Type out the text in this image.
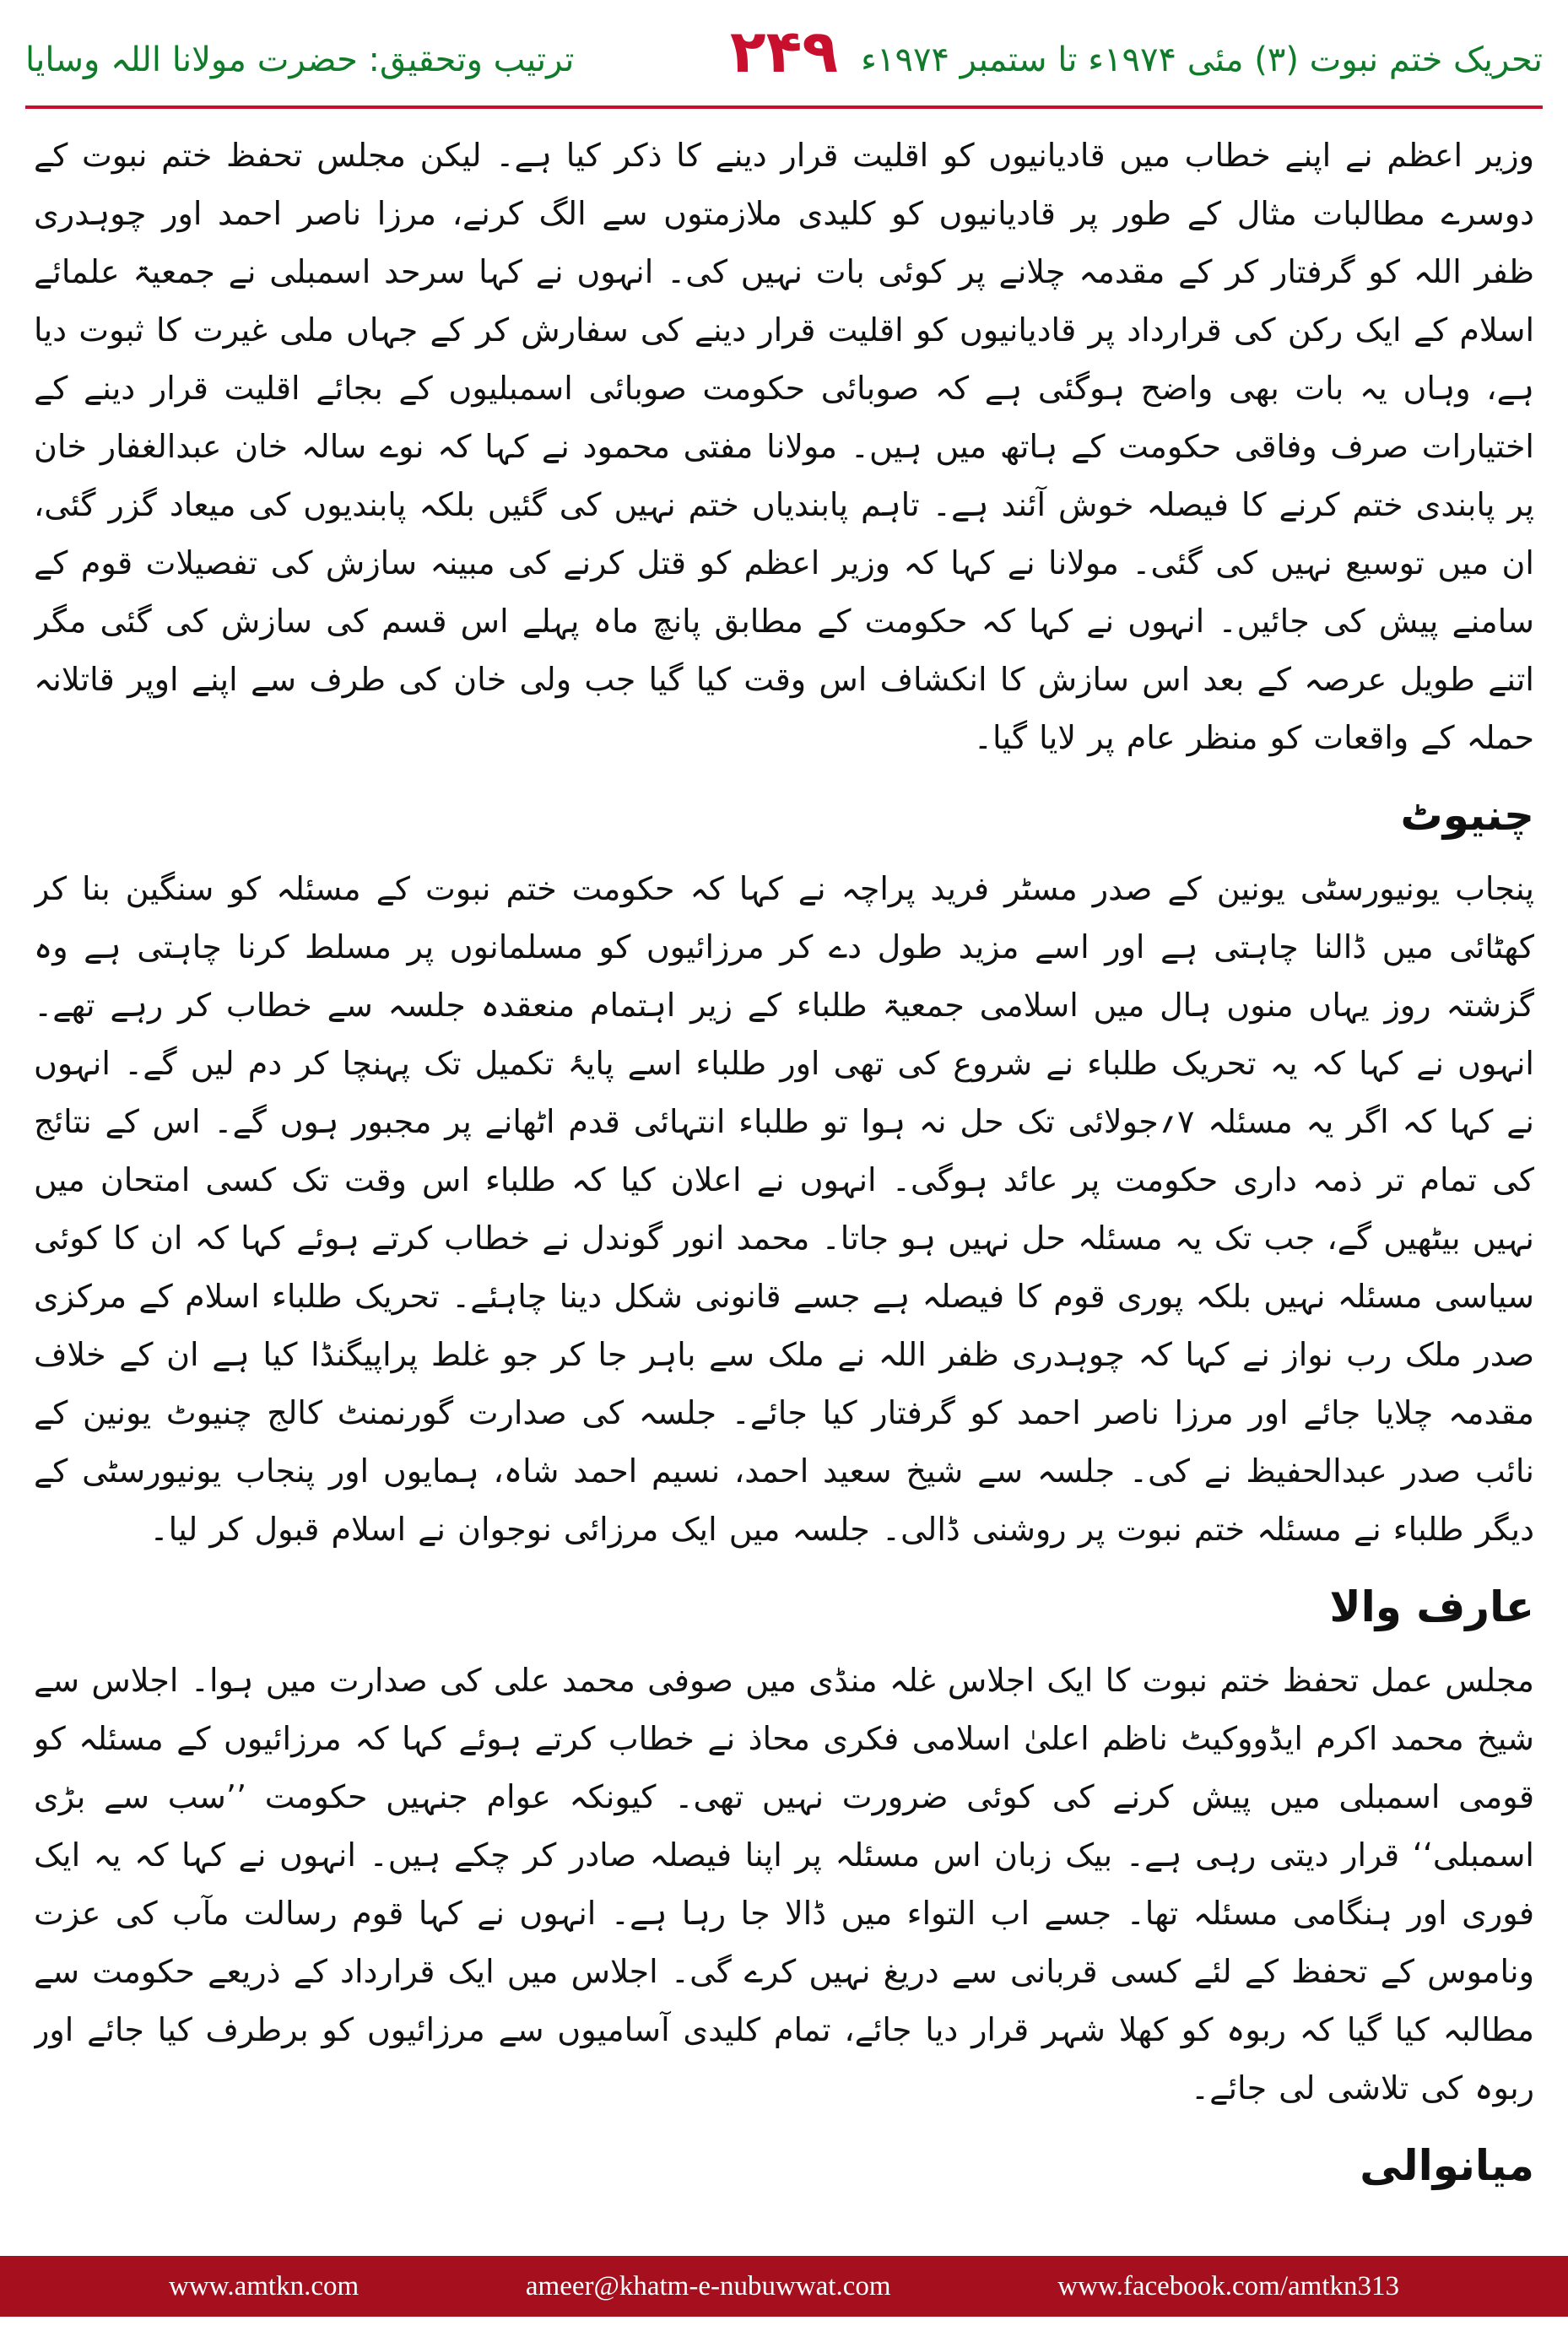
ترتیب وتحقیق: حضرت مولانا اللہ وسایا	۲۴۹ تحریک ختم نبوت (۳) مئی ۱۹۷۴ء تا ستمبر ۱۹۷۴ء

وزیر اعظم نے اپنے خطاب میں قادیانیوں کو اقلیت قرار دینے کا ذکر کیا ہے۔ لیکن مجلس تحفظ ختم نبوت کے دوسرے مطالبات مثال کے طور پر قادیانیوں کو کلیدی ملازمتوں سے الگ کرنے، مرزا ناصر احمد اور چوہدری ظفر اللہ کو گرفتار کر کے مقدمہ چلانے پر کوئی بات نہیں کی۔ انہوں نے کہا سرحد اسمبلی نے جمعیۃ علمائے اسلام کے ایک رکن کی قرارداد پر قادیانیوں کو اقلیت قرار دینے کی سفارش کر کے جہاں ملی غیرت کا ثبوت دیا ہے، وہاں یہ بات بھی واضح ہوگئی ہے کہ صوبائی حکومت صوبائی اسمبلیوں کے بجائے اقلیت قرار دینے کے اختیارات صرف وفاقی حکومت کے ہاتھ میں ہیں۔ مولانا مفتی محمود نے کہا کہ نوے سالہ خان عبدالغفار خان پر پابندی ختم کرنے کا فیصلہ خوش آئند ہے۔ تاہم پابندیاں ختم نہیں کی گئیں بلکہ پابندیوں کی میعاد گزر گئی، ان میں توسیع نہیں کی گئی۔ مولانا نے کہا کہ وزیر اعظم کو قتل کرنے کی مبینہ سازش کی تفصیلات قوم کے سامنے پیش کی جائیں۔ انہوں نے کہا کہ حکومت کے مطابق پانچ ماہ پہلے اس قسم کی سازش کی گئی مگر اتنے طویل عرصہ کے بعد اس سازش کا انکشاف اس وقت کیا گیا جب ولی خان کی طرف سے اپنے اوپر قاتلانہ حملہ کے واقعات کو منظر عام پر لایا گیا۔

چنیوٹ

پنجاب یونیورسٹی یونین کے صدر مسٹر فرید پراچہ نے کہا کہ حکومت ختم نبوت کے مسئلہ کو سنگین بنا کر کھٹائی میں ڈالنا چاہتی ہے اور اسے مزید طول دے کر مرزائیوں کو مسلمانوں پر مسلط کرنا چاہتی ہے وہ گزشتہ روز یہاں منوں ہال میں اسلامی جمعیۃ طلباء کے زیر اہتمام منعقدہ جلسہ سے خطاب کر رہے تھے۔ انہوں نے کہا کہ یہ تحریک طلباء نے شروع کی تھی اور طلباء اسے پایۂ تکمیل تک پہنچا کر دم لیں گے۔ انہوں نے کہا کہ اگر یہ مسئلہ ۷؍جولائی تک حل نہ ہوا تو طلباء انتہائی قدم اٹھانے پر مجبور ہوں گے۔ اس کے نتائج کی تمام تر ذمہ داری حکومت پر عائد ہوگی۔ انہوں نے اعلان کیا کہ طلباء اس وقت تک کسی امتحان میں نہیں بیٹھیں گے، جب تک یہ مسئلہ حل نہیں ہو جاتا۔ محمد انور گوندل نے خطاب کرتے ہوئے کہا کہ ان کا کوئی سیاسی مسئلہ نہیں بلکہ پوری قوم کا فیصلہ ہے جسے قانونی شکل دینا چاہئے۔ تحریک طلباء اسلام کے مرکزی صدر ملک رب نواز نے کہا کہ چوہدری ظفر اللہ نے ملک سے باہر جا کر جو غلط پراپیگنڈا کیا ہے ان کے خلاف مقدمہ چلایا جائے اور مرزا ناصر احمد کو گرفتار کیا جائے۔ جلسہ کی صدارت گورنمنٹ کالج چنیوٹ یونین کے نائب صدر عبدالحفیظ نے کی۔ جلسہ سے شیخ سعید احمد، نسیم احمد شاہ، ہمایوں اور پنجاب یونیورسٹی کے دیگر طلباء نے مسئلہ ختم نبوت پر روشنی ڈالی۔ جلسہ میں ایک مرزائی نوجوان نے اسلام قبول کر لیا۔

عارف والا

مجلس عمل تحفظ ختم نبوت کا ایک اجلاس غلہ منڈی میں صوفی محمد علی کی صدارت میں ہوا۔ اجلاس سے شیخ محمد اکرم ایڈووکیٹ ناظم اعلیٰ اسلامی فکری محاذ نے خطاب کرتے ہوئے کہا کہ مرزائیوں کے مسئلہ کو قومی اسمبلی میں پیش کرنے کی کوئی ضرورت نہیں تھی۔ کیونکہ عوام جنہیں حکومت ’’سب سے بڑی اسمبلی‘‘ قرار دیتی رہی ہے۔ بیک زبان اس مسئلہ پر اپنا فیصلہ صادر کر چکے ہیں۔ انہوں نے کہا کہ یہ ایک فوری اور ہنگامی مسئلہ تھا۔ جسے اب التواء میں ڈالا جا رہا ہے۔ انہوں نے کہا قوم رسالت مآب کی عزت وناموس کے تحفظ کے لئے کسی قربانی سے دریغ نہیں کرے گی۔ اجلاس میں ایک قرارداد کے ذریعے حکومت سے مطالبہ کیا گیا کہ ربوہ کو کھلا شہر قرار دیا جائے، تمام کلیدی آسامیوں سے مرزائیوں کو برطرف کیا جائے اور ربوہ کی تلاشی لی جائے۔

میانوالی

www.amtkn.com	ameer@khatm-e-nubuwwat.com	www.facebook.com/amtkn313
